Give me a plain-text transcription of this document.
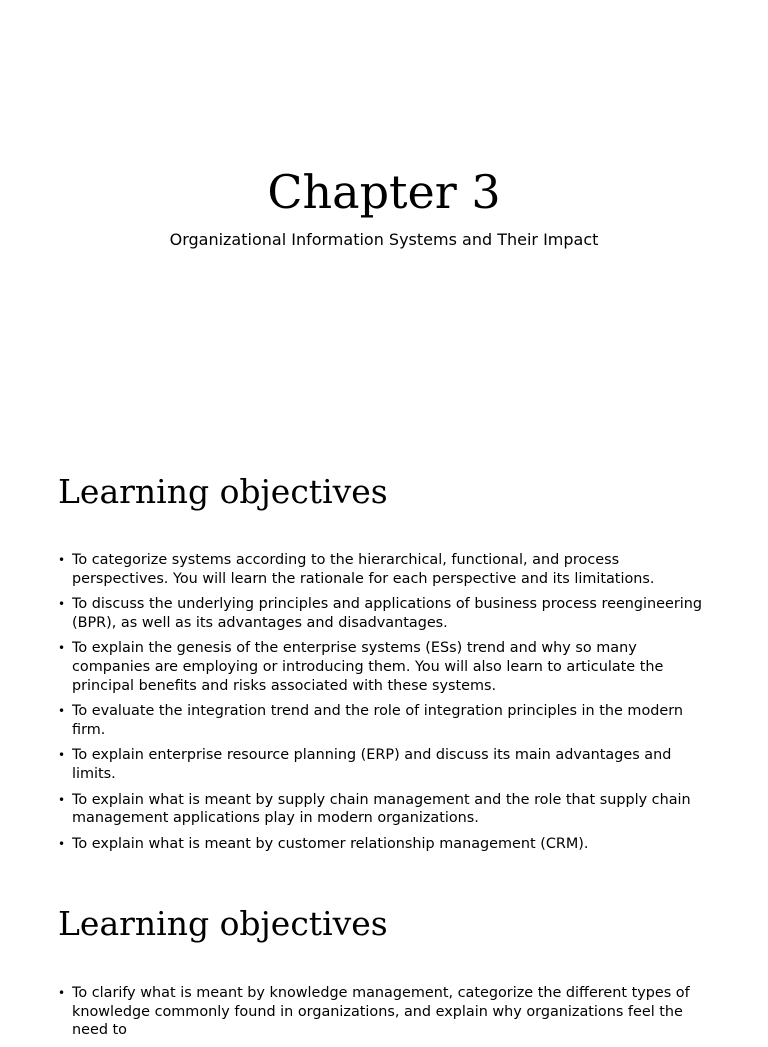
Chapter 3

Organizational Information Systems and Their Impact

Learning objectives
• To categorize systems according to the hierarchical, functional, and process perspectives. You will learn the rationale for each perspective and its limitations.
• To discuss the underlying principles and applications of business process reengineering (BPR), as well as its advantages and disadvantages.
• To explain the genesis of the enterprise systems (ESs) trend and why so many companies are employing or introducing them. You will also learn to articulate the principal benefits and risks associated with these systems.
• To evaluate the integration trend and the role of integration principles in the modern firm.
• To explain enterprise resource planning (ERP) and discuss its main advantages and limits.
• To explain what is meant by supply chain management and the role that supply chain management applications play in modern organizations.
• To explain what is meant by customer relationship management (CRM).
Learning objectives
• To clarify what is meant by knowledge management, categorize the different types of knowledge commonly found in organizations, and explain why organizations feel the need to
